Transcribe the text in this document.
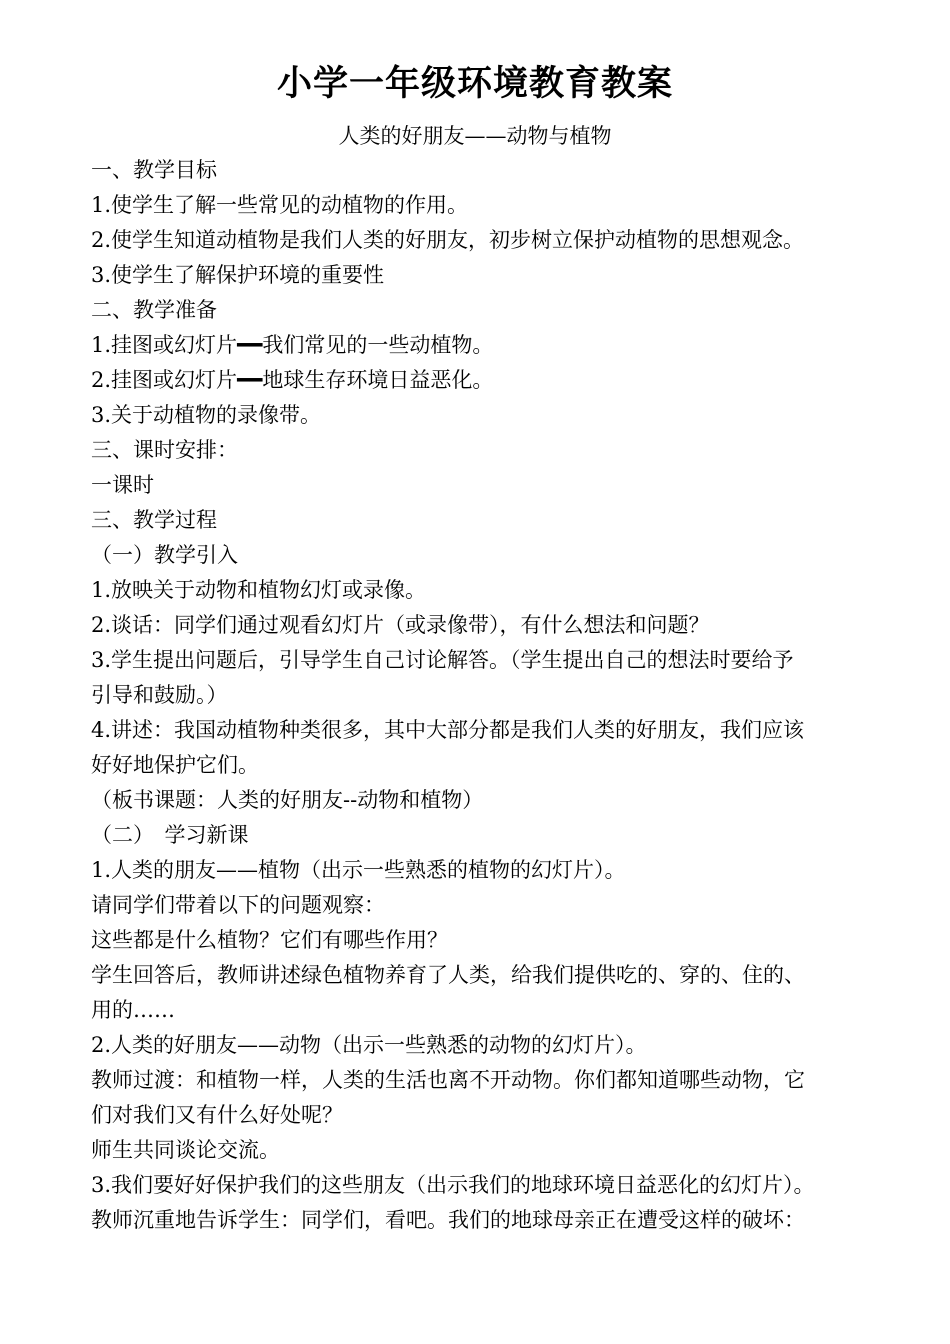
小学一年级环境教育教案
人类的好朋友——动物与植物
一、教学目标
1.使学生了解一些常见的动植物的作用。
2.使学生知道动植物是我们人类的好朋友，初步树立保护动植物的思想观念。
3.使学生了解保护环境的重要性
二、教学准备
1.挂图或幻灯片━━我们常见的一些动植物。
2.挂图或幻灯片━━地球生存环境日益恶化。
3.关于动植物的录像带。
三、课时安排：
一课时
三、教学过程
（一）教学引入
1.放映关于动物和植物幻灯或录像。
2.谈话：同学们通过观看幻灯片（或录像带），有什么想法和问题？
3.学生提出问题后，引导学生自己讨论解答。（学生提出自己的想法时要给予
引导和鼓励。）
4.讲述：我国动植物种类很多，其中大部分都是我们人类的好朋友，我们应该
好好地保护它们。
（板书课题：人类的好朋友--动物和植物）
（二）　学习新课
1.人类的朋友——植物（出示一些熟悉的植物的幻灯片）。
请同学们带着以下的问题观察：
这些都是什么植物？它们有哪些作用？
学生回答后，教师讲述绿色植物养育了人类，给我们提供吃的、穿的、住的、
用的……
2.人类的好朋友——动物（出示一些熟悉的动物的幻灯片）。
教师过渡：和植物一样，人类的生活也离不开动物。你们都知道哪些动物，它
们对我们又有什么好处呢？
师生共同谈论交流。
3.我们要好好保护我们的这些朋友（出示我们的地球环境日益恶化的幻灯片）。
教师沉重地告诉学生：同学们，看吧。我们的地球母亲正在遭受这样的破坏：
